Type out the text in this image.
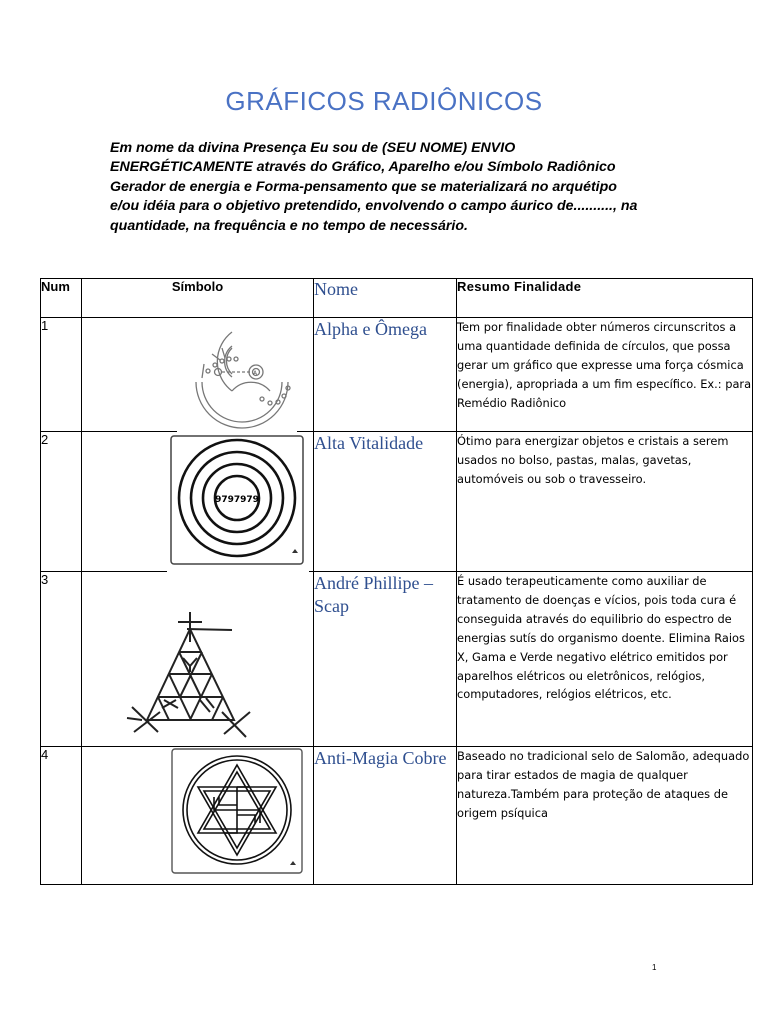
GRÁFICOS RADIÔNICOS
Em nome da divina Presença Eu sou de (SEU NOME) ENVIO ENERGÉTICAMENTE através do Gráfico, Aparelho e/ou Símbolo Radiônico Gerador de energia e Forma-pensamento que se materializará no arquétipo e/ou idéia para o objetivo pretendido, envolvendo o campo áurico de.........., na quantidade, na frequência e no tempo de necessário.
Num	Símbolo	Nome	Resumo Finalidade
1	A	Alpha e Ômega	Tem por finalidade obter números circunscritos a uma quantidade definida de círculos, que possa gerar um gráfico que expresse uma força cósmica (energia), apropriada a um fim específico. Ex.: para Remédio Radiônico
2	9797979	Alta Vitalidade	Ótimo para energizar objetos e cristais a serem usados no bolso, pastas, malas, gavetas, automóveis ou sob o travesseiro.
3		André Phillipe – Scap	É usado terapeuticamente como auxiliar de tratamento de doenças e vícios, pois toda cura é conseguida através do equilibrio do espectro de energias sutís do organismo doente. Elimina Raios X, Gama e Verde negativo elétrico emitidos por aparelhos elétricos ou eletrônicos, relógios, computadores, relógios elétricos, etc.
4		Anti-Magia Cobre	Baseado no tradicional selo de Salomão, adequado para tirar estados de magia de qualquer natureza.Também para proteção de ataques de origem psíquica
1
